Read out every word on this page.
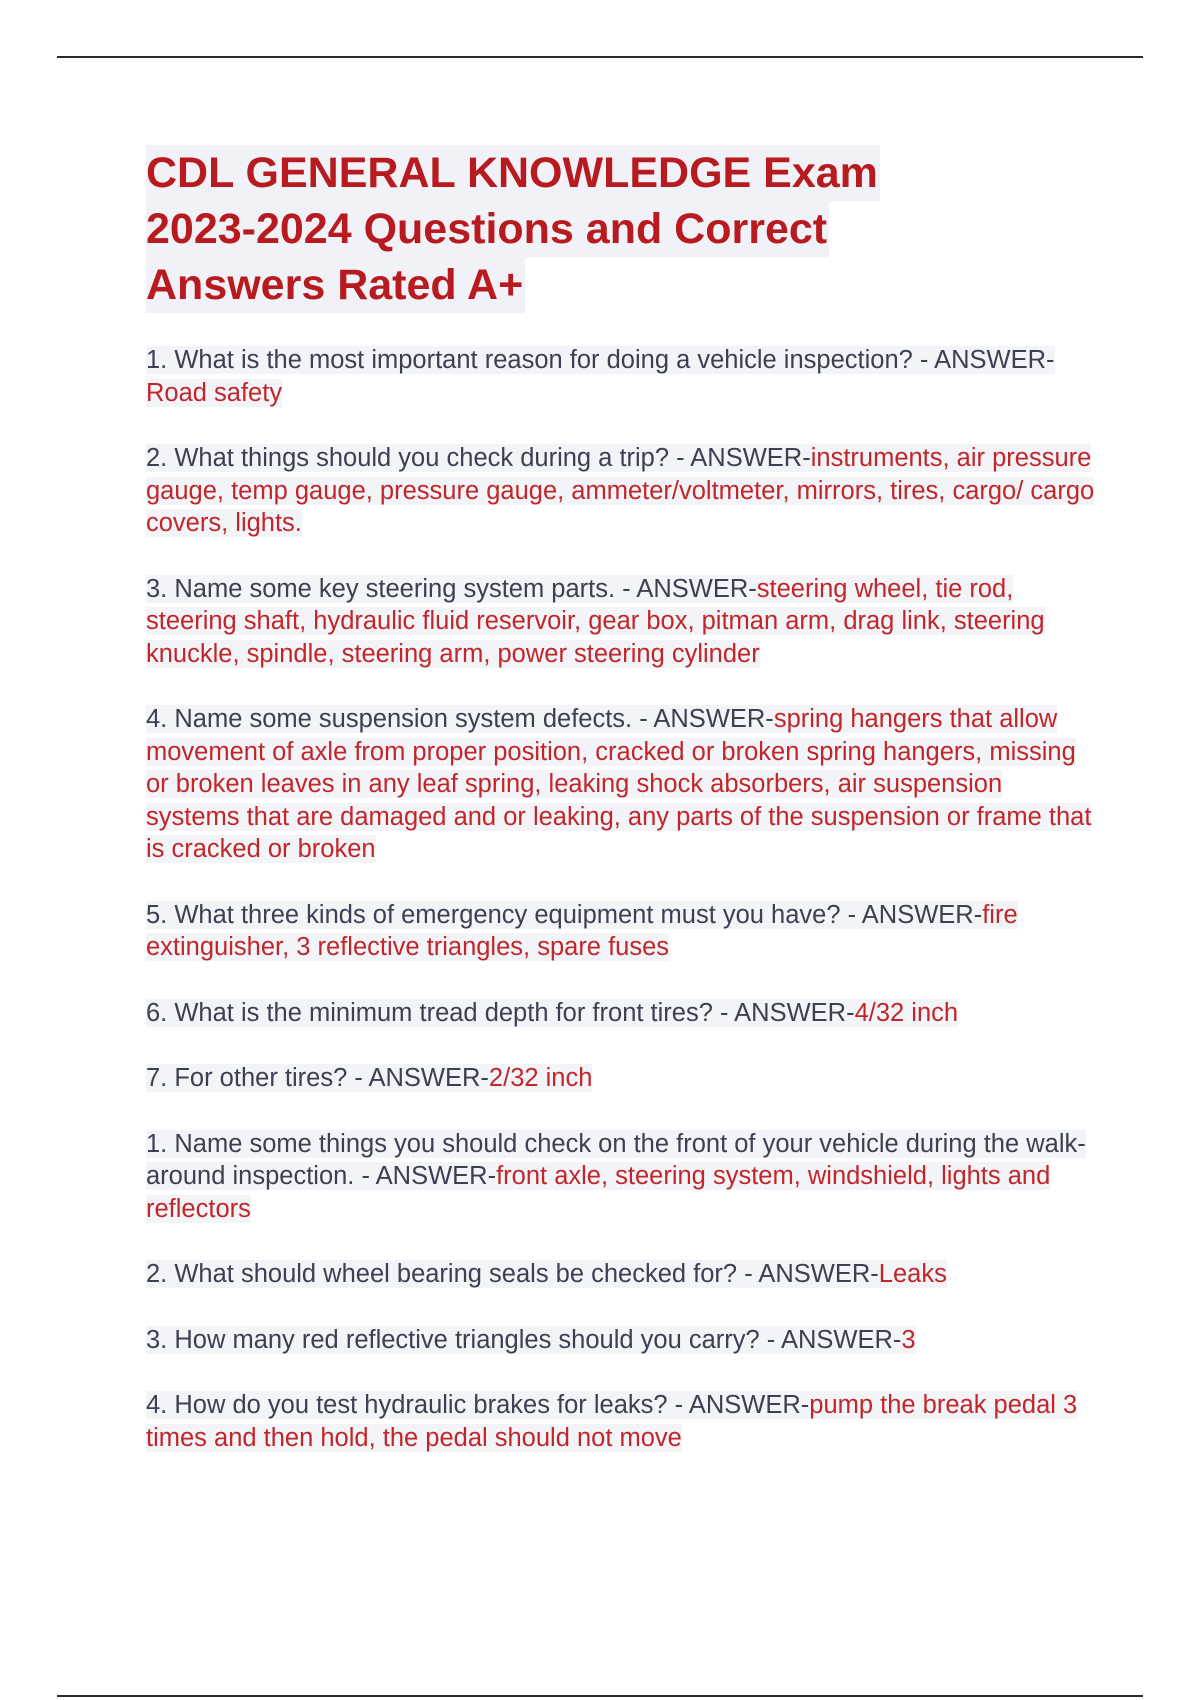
CDL GENERAL KNOWLEDGE Exam
2023-2024 Questions and Correct
Answers Rated A+

1. What is the most important reason for doing a vehicle inspection? - ANSWER-Road safety

2. What things should you check during a trip? - ANSWER-instruments, air pressure gauge, temp gauge, pressure gauge, ammeter/voltmeter, mirrors, tires, cargo/ cargo covers, lights.

3. Name some key steering system parts. - ANSWER-steering wheel, tie rod, steering shaft, hydraulic fluid reservoir, gear box, pitman arm, drag link, steering knuckle, spindle, steering arm, power steering cylinder

4. Name some suspension system defects. - ANSWER-spring hangers that allow movement of axle from proper position, cracked or broken spring hangers, missing or broken leaves in any leaf spring, leaking shock absorbers, air suspension systems that are damaged and or leaking, any parts of the suspension or frame that is cracked or broken

5. What three kinds of emergency equipment must you have? - ANSWER-fire extinguisher, 3 reflective triangles, spare fuses

6. What is the minimum tread depth for front tires? - ANSWER-4/32 inch

7. For other tires? - ANSWER-2/32 inch

1. Name some things you should check on the front of your vehicle during the walk-around inspection. - ANSWER-front axle, steering system, windshield, lights and reflectors

2. What should wheel bearing seals be checked for? - ANSWER-Leaks

3. How many red reflective triangles should you carry? - ANSWER-3

4. How do you test hydraulic brakes for leaks? - ANSWER-pump the break pedal 3 times and then hold, the pedal should not move
